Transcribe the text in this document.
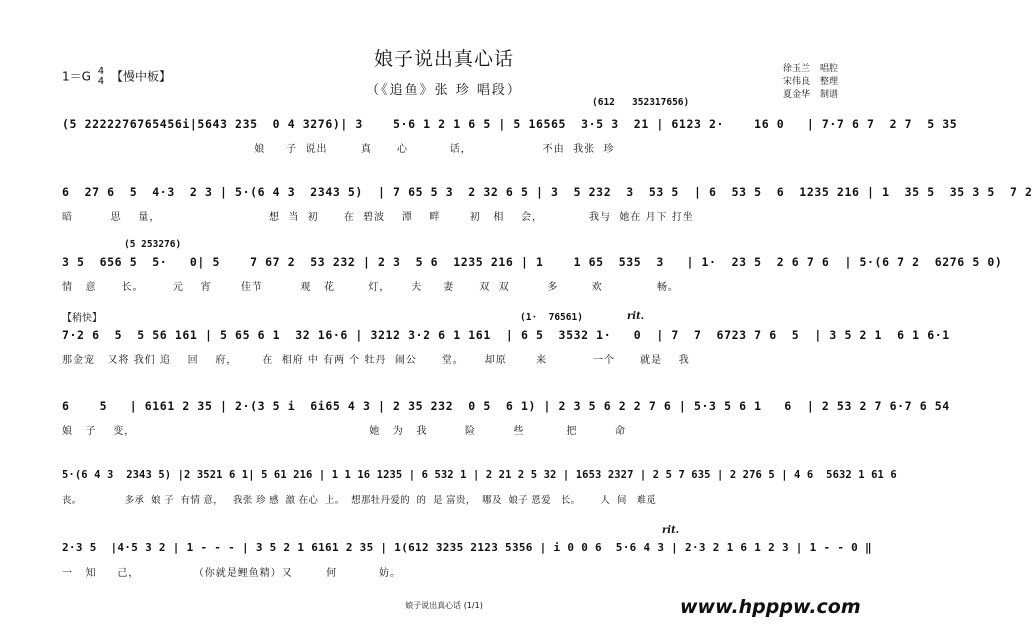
娘子说出真心话
（《追鱼》张 珍 唱段）
1＝G 4
4 【慢中板】
徐玉兰 唱腔
宋伟良 整理
夏金华 制谱
(612   352317656)
(5 2222276765456i|5643 235  0 4 3276)| 3    5·6 1 2 1 6 5 | 5 16565  3·5 3  21 | 6123 2·    16 0   | 7·7 6 7  2 7  5 35
娘     子  说出        真      心          话，                 不由  我张  珍
6  27 6  5  4·3  2 3 | 5·(6 4 3  2343 5)  | 7 65 5 3  2 32 6 5 | 3  5 232  3  53 5  | 6  53 5  6  1235 216 | 1  35 5  35 3 5  7 2
暗         思    量，                          想  当  初      在  碧波    潭    畔       初   相    会，           我与  她在 月下 打坐
(5 253276)
3 5  656 5  5·   0| 5    7 67 2  53 232 | 2 3  5 6  1235 216 | 1    1 65  535  3   | 1·  23 5  2 6 7 6  | 5·(6 7 2  6276 5 0)
情   意      长。       元    宵       佳节         观   花        灯，     夫     妻      双  双         多        欢             畅。
【稍快】	(1·  76561)	rit.
7·2 6  5  5 56 161 | 5 65 6 1  32 16·6 | 3212 3·2 6 1 161  | 6 5  3532 1·   0  | 7  7  6723 7 6  5  | 3 5 2 1  6 1 6·1
那金宠   又将 我们 追    回    府，      在  相府 中 有两 个 牡丹  闹公      堂。     却原       来           一个      就是    我
6    5   | 6161 2 35 | 2·(3 5 i  6i65 4 3 | 2 35 232  0 5  6 1) | 2 3 5 6 2 2 7 6 | 5·3 5 6 1   6  | 2 53 2 7 6·7 6 54
娘   子    变，                                                        她   为   我         险         些          把         命
5·(6 4 3  2343 5) |2 3521 6 1| 5 61 216 | 1 1 16 1235 | 6 532 1 | 2 21 2 5 32 | 1653 2327 | 2 5 7 635 | 2 276 5 | 4 6  5632 1 61 6
丧。             多承  娘 子  有情 意，   我张 珍 感  激 在心  上。  想那牡丹爱的  的  是 富贵，  哪及  娘子 恩爱   长。      人  间   难觅
rit.
2·3 5  |4·5 3 2 | 1 - - - | 3 5 2 1 6161 2 35 | 1(612 3235 2123 5356 | i 0 0 6  5·6 4 3 | 2·3 2 1 6 1 2 3 | 1 - - 0 ‖
一   知     己，             （你就是鲤鱼精）又        何          妨。
娘子说出真心话 (1/1)	www.hpppw.com
